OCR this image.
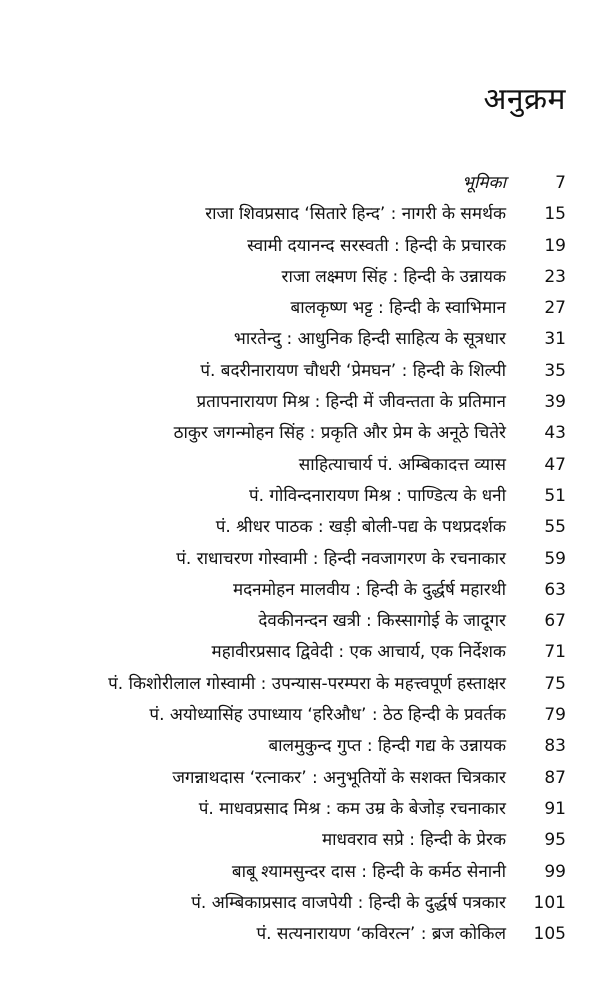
अनुक्रम
भूमिका	7
राजा शिवप्रसाद ‘सितारे हिन्द’ : नागरी के समर्थक 15
स्वामी दयानन्द सरस्वती : हिन्दी के प्रचारक 19
राजा लक्ष्मण सिंह : हिन्दी के उन्नायक 23
बालकृष्ण भट्ट : हिन्दी के स्वाभिमान 27
भारतेन्दु : आधुनिक हिन्दी साहित्य के सूत्रधार 31
पं. बदरीनारायण चौधरी ‘प्रेमघन’ : हिन्दी के शिल्पी 35
प्रतापनारायण मिश्र : हिन्दी में जीवन्तता के प्रतिमान 39
ठाकुर जगन्मोहन सिंह : प्रकृति और प्रेम के अनूठे चितेरे 43
साहित्याचार्य पं. अम्बिकादत्त व्यास 47
पं. गोविन्दनारायण मिश्र : पाण्डित्य के धनी 51
पं. श्रीधर पाठक : खड़ी बोली-पद्य के पथप्रदर्शक 55
पं. राधाचरण गोस्वामी : हिन्दी नवजागरण के रचनाकार 59
मदनमोहन मालवीय : हिन्दी के दुर्द्धर्ष महारथी 63
देवकीनन्दन खत्री : किस्सागोई के जादूगर 67
महावीरप्रसाद द्विवेदी : एक आचार्य, एक निर्देशक 71
पं. किशोरीलाल गोस्वामी : उपन्यास-परम्परा के महत्त्वपूर्ण हस्ताक्षर 75
पं. अयोध्यासिंह उपाध्याय ‘हरिऔध’ : ठेठ हिन्दी के प्रवर्तक 79
बालमुकुन्द गुप्त : हिन्दी गद्य के उन्नायक 83
जगन्नाथदास ‘रत्नाकर’ : अनुभूतियों के सशक्त चित्रकार 87
पं. माधवप्रसाद मिश्र : कम उम्र के बेजोड़ रचनाकार 91
माधवराव सप्रे : हिन्दी के प्रेरक 95
बाबू श्यामसुन्दर दास : हिन्दी के कर्मठ सेनानी 99
पं. अम्बिकाप्रसाद वाजपेयी : हिन्दी के दुर्द्धर्ष पत्रकार 101
पं. सत्यनारायण ‘कविरत्न’ : ब्रज कोकिल 105
